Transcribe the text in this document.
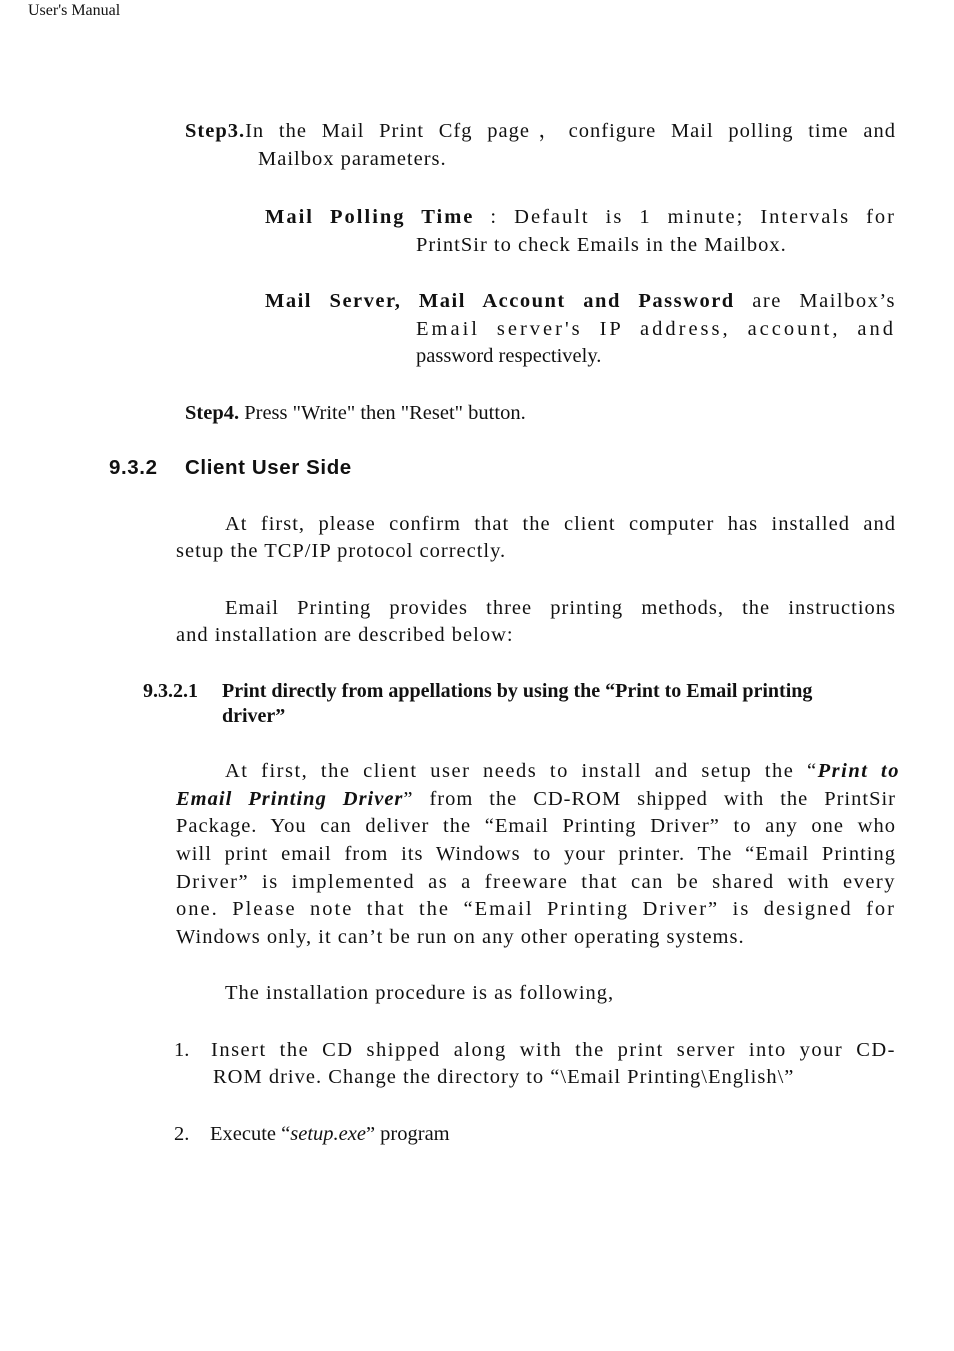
User's Manual
Step3.In the Mail Print Cfg page，configure Mail polling time and
Mailbox parameters.
Mail Polling Time : Default is 1 minute; Intervals for
PrintSir to check Emails in the Mailbox.
Mail Server, Mail Account and Password are Mailbox’s
Email server's IP address, account, and
password respectively.
Step4. Press "Write" then "Reset" button.
9.3.2 Client User Side
At first, please confirm that the client computer has installed and
setup the TCP/IP protocol correctly.
Email Printing provides three printing methods, the instructions
and installation are described below:
9.3.2.1 Print directly from appellations by using the “Print to Email printing
driver”
At first, the client user needs to install and setup the “Print to
Email Printing Driver” from the CD-ROM shipped with the PrintSir
Package. You can deliver the “Email Printing Driver” to any one who
will print email from its Windows to your printer. The “Email Printing
Driver” is implemented as a freeware that can be shared with every
one. Please note that the “Email Printing Driver” is designed for
Windows only, it can’t be run on any other operating systems.
The installation procedure is as following,
1. Insert the CD shipped along with the print server into your CD-
ROM drive. Change the directory to “\Email Printing\English\”
2. Execute “setup.exe” program
